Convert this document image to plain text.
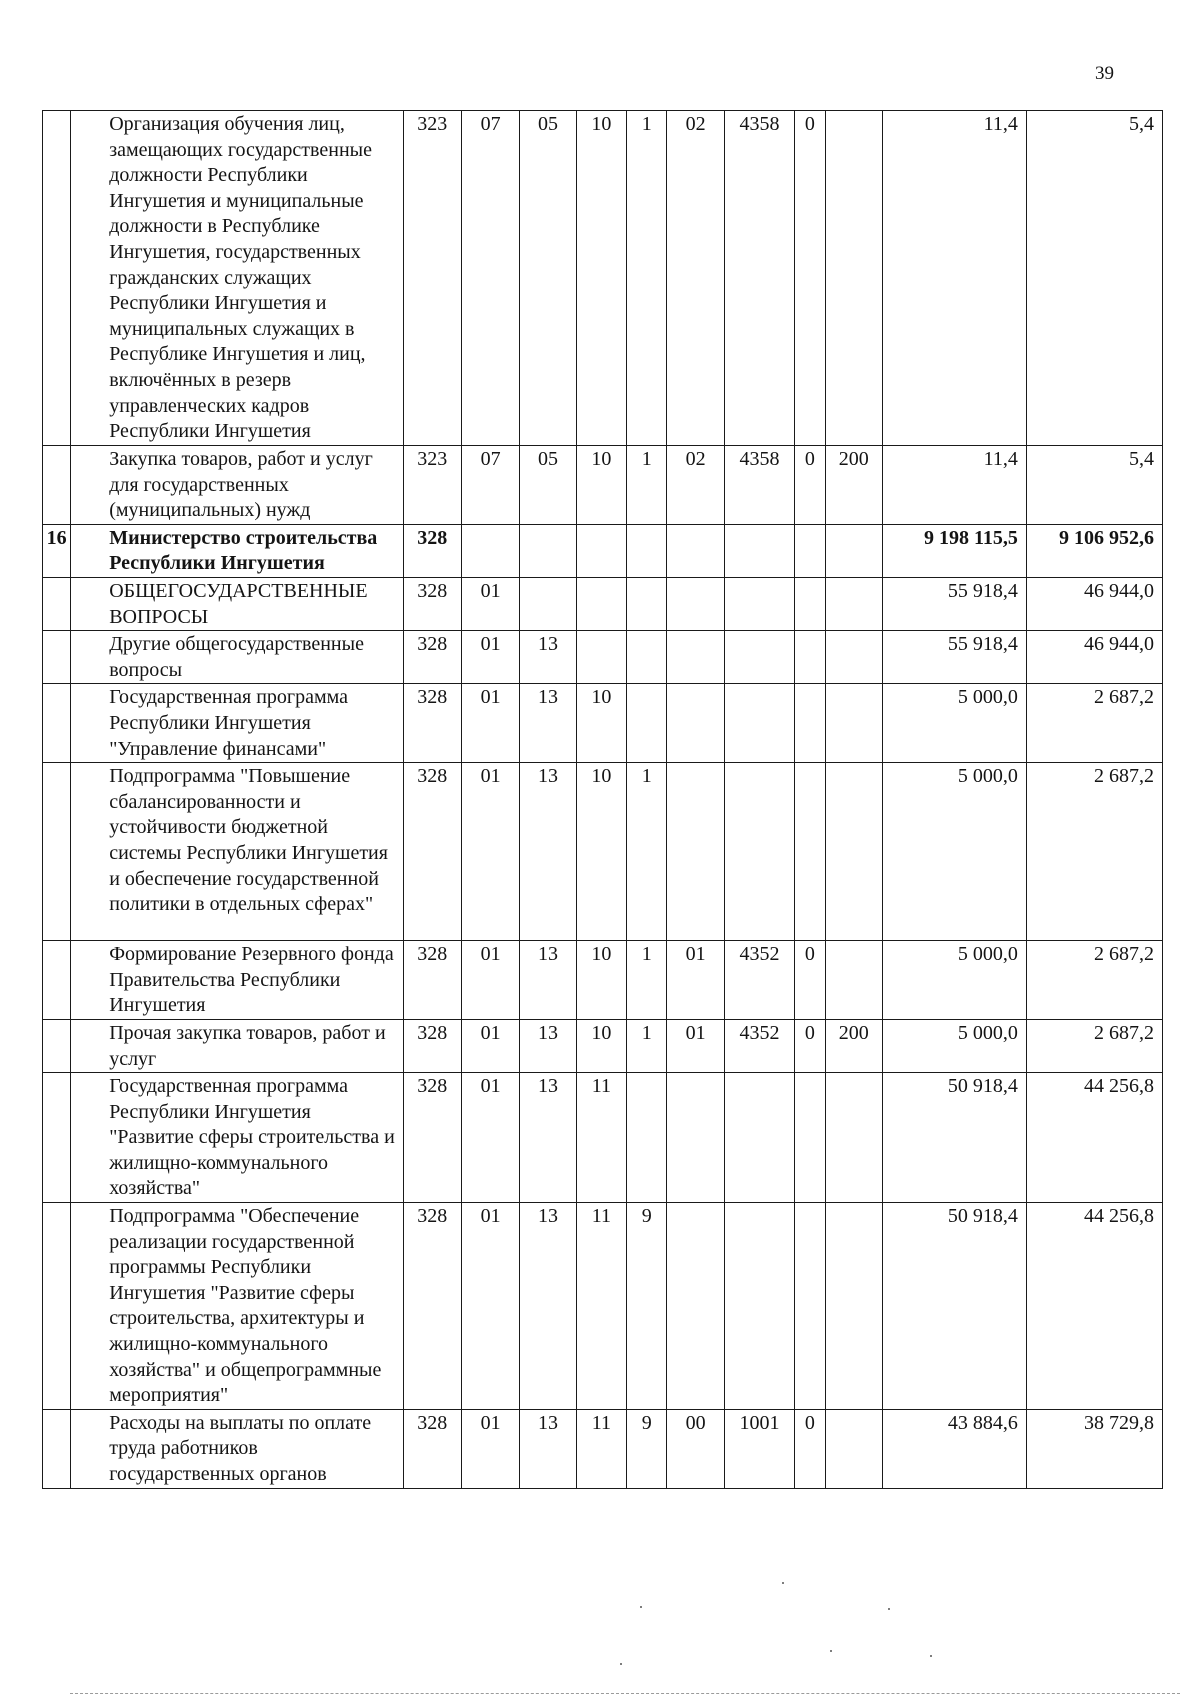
39
	Организация обучения лиц, замещающих государственные должности Республики Ингушетия и муниципальные должности в Республике Ингушетия, государственных гражданских служащих Республики Ингушетия и муниципальных служащих в Республике Ингушетия и лиц, включённых в резерв управленческих кадров Республики Ингушетия	323	07	05	10	1	02	4358	0		11,4	5,4
	Закупка товаров, работ и услуг для государственных (муниципальных) нужд	323	07	05	10	1	02	4358	0	200	11,4	5,4
16	Министерство строительства Республики Ингушетия	328									9 198 115,5	9 106 952,6
	ОБЩЕГОСУДАРСТВЕННЫЕ ВОПРОСЫ	328	01								55 918,4	46 944,0
	Другие общегосударственные вопросы	328	01	13							55 918,4	46 944,0
	Государственная программа Республики Ингушетия "Управление финансами"	328	01	13	10						5 000,0	2 687,2
	Подпрограмма "Повышение сбалансированности и устойчивости бюджетной системы Республики Ингушетия и обеспечение государственной политики в отдельных сферах"	328	01	13	10	1					5 000,0	2 687,2
	Формирование Резервного фонда Правительства Республики Ингушетия	328	01	13	10	1	01	4352	0		5 000,0	2 687,2
	Прочая закупка товаров, работ и услуг	328	01	13	10	1	01	4352	0	200	5 000,0	2 687,2
	Государственная программа Республики Ингушетия "Развитие сферы строительства и жилищно-коммунального хозяйства"	328	01	13	11						50 918,4	44 256,8
	Подпрограмма "Обеспечение реализации государственной программы Республики Ингушетия "Развитие сферы строительства, архитектуры и жилищно-коммунального хозяйства" и общепрограммные мероприятия"	328	01	13	11	9					50 918,4	44 256,8
	Расходы на выплаты по оплате труда работников государственных органов	328	01	13	11	9	00	1001	0		43 884,6	38 729,8
